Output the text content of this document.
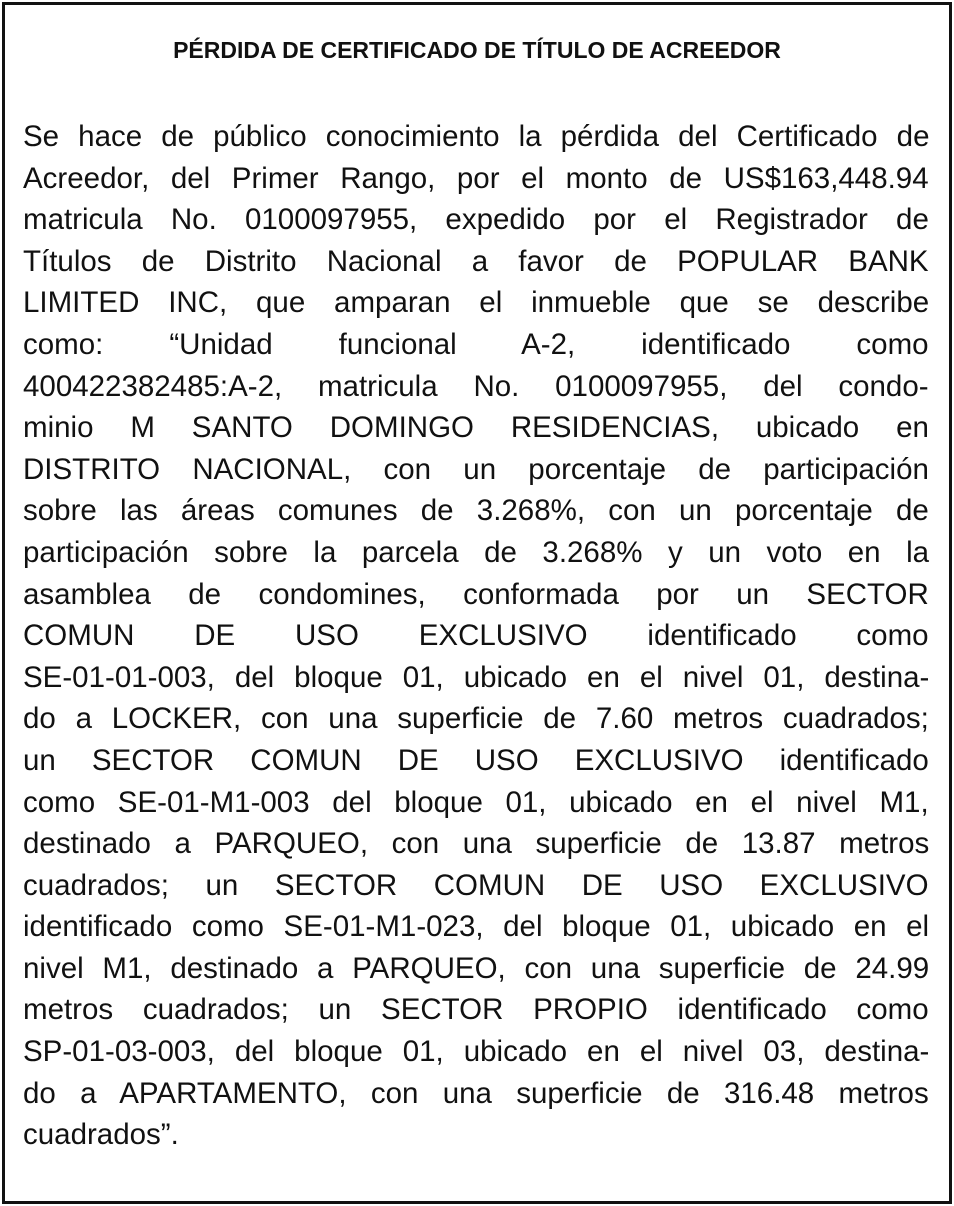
PÉRDIDA DE CERTIFICADO DE TÍTULO DE ACREEDOR
Se hace de público conocimiento la pérdida del Certificado de
Acreedor, del Primer Rango, por el monto de US$163,448.94
matricula No. 0100097955, expedido por el Registrador de
Títulos de Distrito Nacional a favor de POPULAR BANK
LIMITED INC, que amparan el inmueble que se describe
como: “Unidad funcional A-2, identificado como
400422382485:A-2, matricula No. 0100097955, del condo-
minio M SANTO DOMINGO RESIDENCIAS, ubicado en
DISTRITO NACIONAL, con un porcentaje de participación
sobre las áreas comunes de 3.268%, con un porcentaje de
participación sobre la parcela de 3.268% y un voto en la
asamblea de condomines, conformada por un SECTOR
COMUN DE USO EXCLUSIVO identificado como
SE-01-01-003, del bloque 01, ubicado en el nivel 01, destina-
do a LOCKER, con una superficie de 7.60 metros cuadrados;
un SECTOR COMUN DE USO EXCLUSIVO identificado
como SE-01-M1-003 del bloque 01, ubicado en el nivel M1,
destinado a PARQUEO, con una superficie de 13.87 metros
cuadrados; un SECTOR COMUN DE USO EXCLUSIVO
identificado como SE-01-M1-023, del bloque 01, ubicado en el
nivel M1, destinado a PARQUEO, con una superficie de 24.99
metros cuadrados; un SECTOR PROPIO identificado como
SP-01-03-003, del bloque 01, ubicado en el nivel 03, destina-
do a APARTAMENTO, con una superficie de 316.48 metros
cuadrados”.
